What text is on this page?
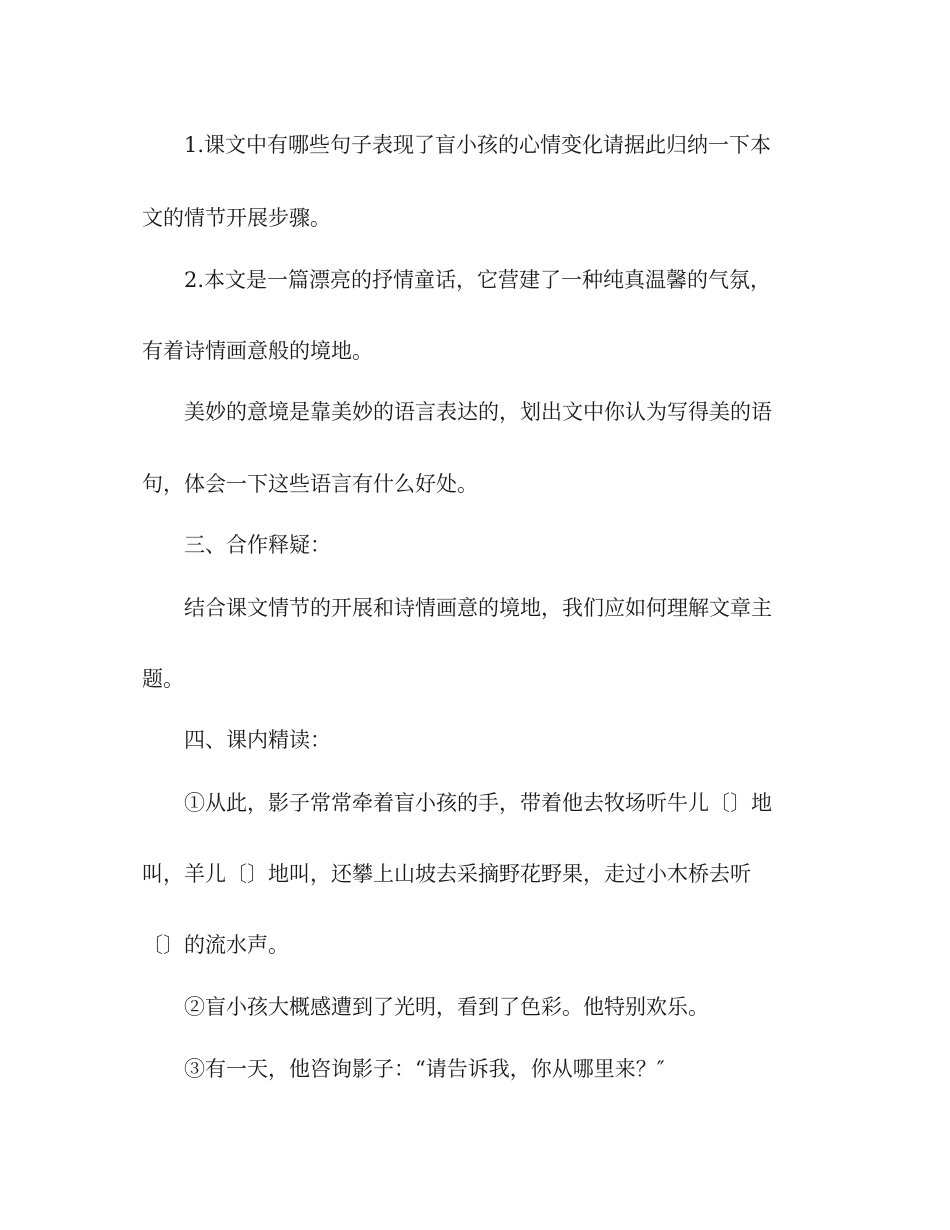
1.课文中有哪些句子表现了盲小孩的心情变化请据此归纳一下本
文的情节开展步骤。
2.本文是一篇漂亮的抒情童话，它营建了一种纯真温馨的气氛，
有着诗情画意般的境地。
美妙的意境是靠美妙的语言表达的，划出文中你认为写得美的语
句，体会一下这些语言有什么好处。
三、合作释疑：
结合课文情节的开展和诗情画意的境地，我们应如何理解文章主
题。
四、课内精读：
①从此，影子常常牵着盲小孩的手，带着他去牧场听牛儿〔〕地
叫，羊儿〔〕地叫，还攀上山坡去采摘野花野果，走过小木桥去听
〔〕的流水声。
②盲小孩大概感遭到了光明，看到了色彩。他特别欢乐。
③有一天，他咨询影子：“请告诉我，你从哪里来？″
